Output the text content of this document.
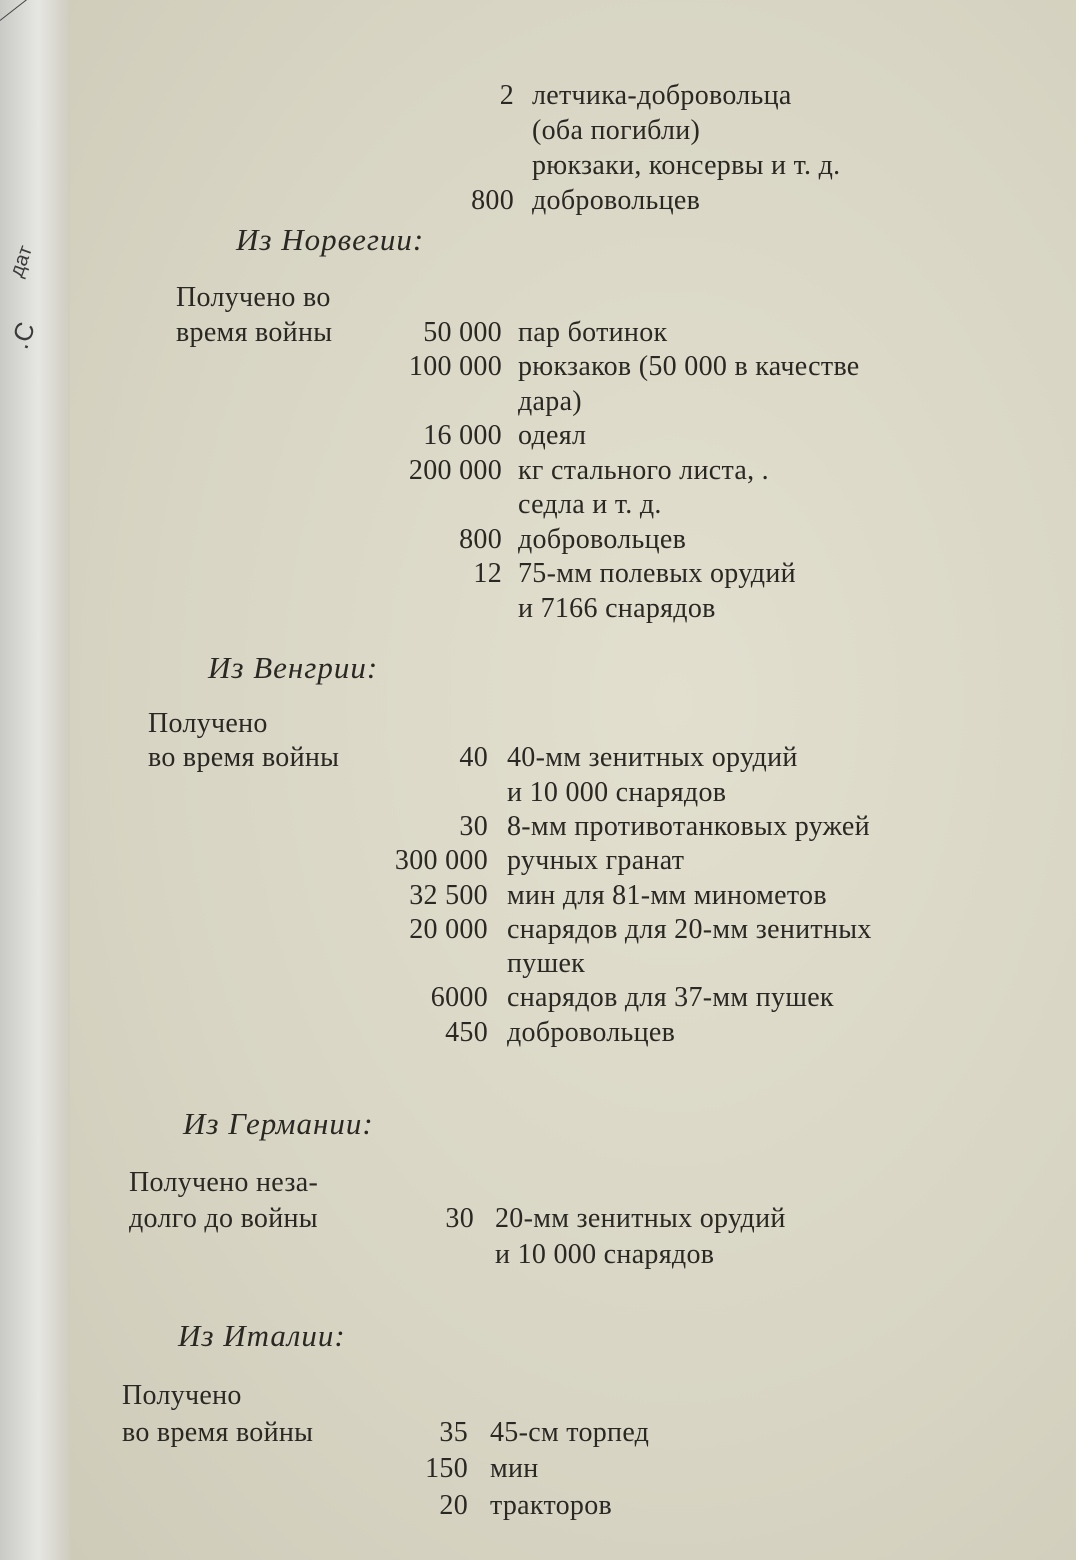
дат
.С
2 летчика-добровольца
(оба погибли)
рюкзаки, консервы и т. д.
800 добровольцев
Из Норвегии:
Получено во
время войны	50 000 пар ботинок
100 000 рюкзаков (50 000 в качестве
дара)
16 000 одеял
200 000 кг стального листа, .
седла и т. д.
800 добровольцев
12 75-мм полевых орудий
и 7166 снарядов
Из Венгрии:
Получено
во время войны	40 40-мм зенитных орудий
и 10 000 снарядов
30 8-мм противотанковых ружей
300 000 ручных гранат
32 500 мин для 81-мм минометов
20 000 снарядов для 20-мм зенитных
пушек
6000 снарядов для 37-мм пушек
450 добровольцев
Из Германии:
Получено неза-
долго до войны	30 20-мм зенитных орудий
и 10 000 снарядов
Из Италии:
Получено
во время войны	35 45-см торпед
150 мин
20 тракторов
